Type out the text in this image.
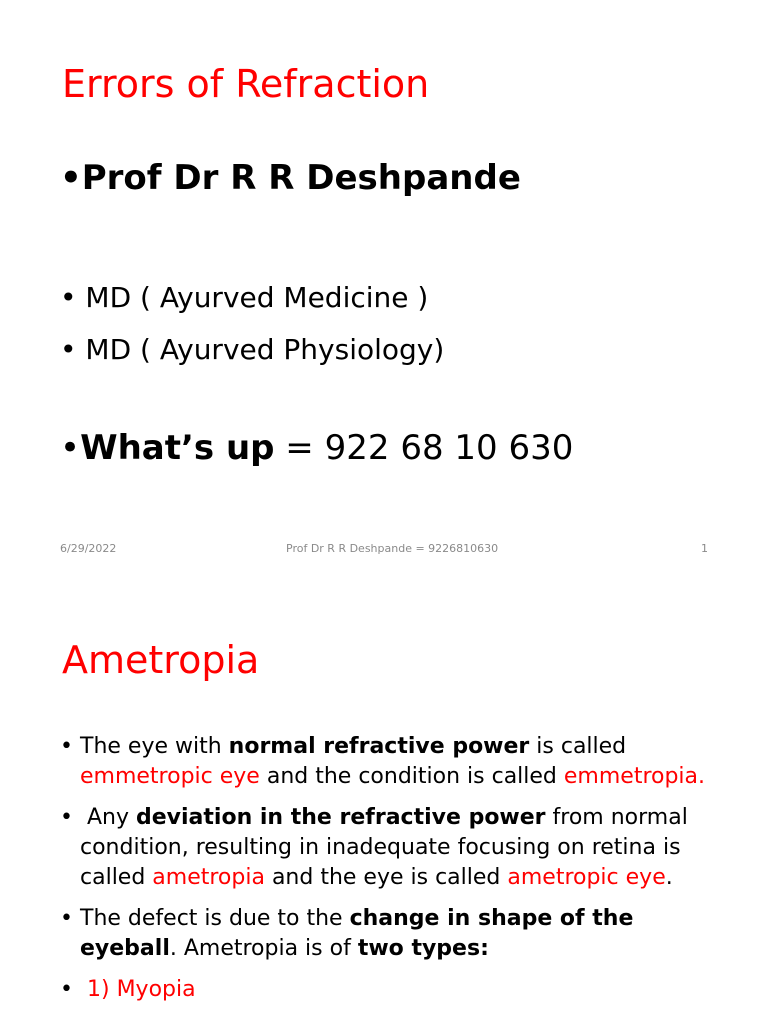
Errors of Refraction
•Prof Dr R R Deshpande
• MD ( Ayurved Medicine )
• MD ( Ayurved Physiology)
•What’s up = 922 68 10 630
6/29/2022	Prof Dr R R Deshpande = 9226810630	1
Ametropia
• The eye with normal refractive power is called emmetropic eye and the condition is called emmetropia.
• Any deviation in the refractive power from normal condition, resulting in inadequate focusing on retina is called ametropia and the eye is called ametropic eye.
• The defect is due to the change in shape of the eyeball. Ametropia is of two types:
• 1) Myopia
